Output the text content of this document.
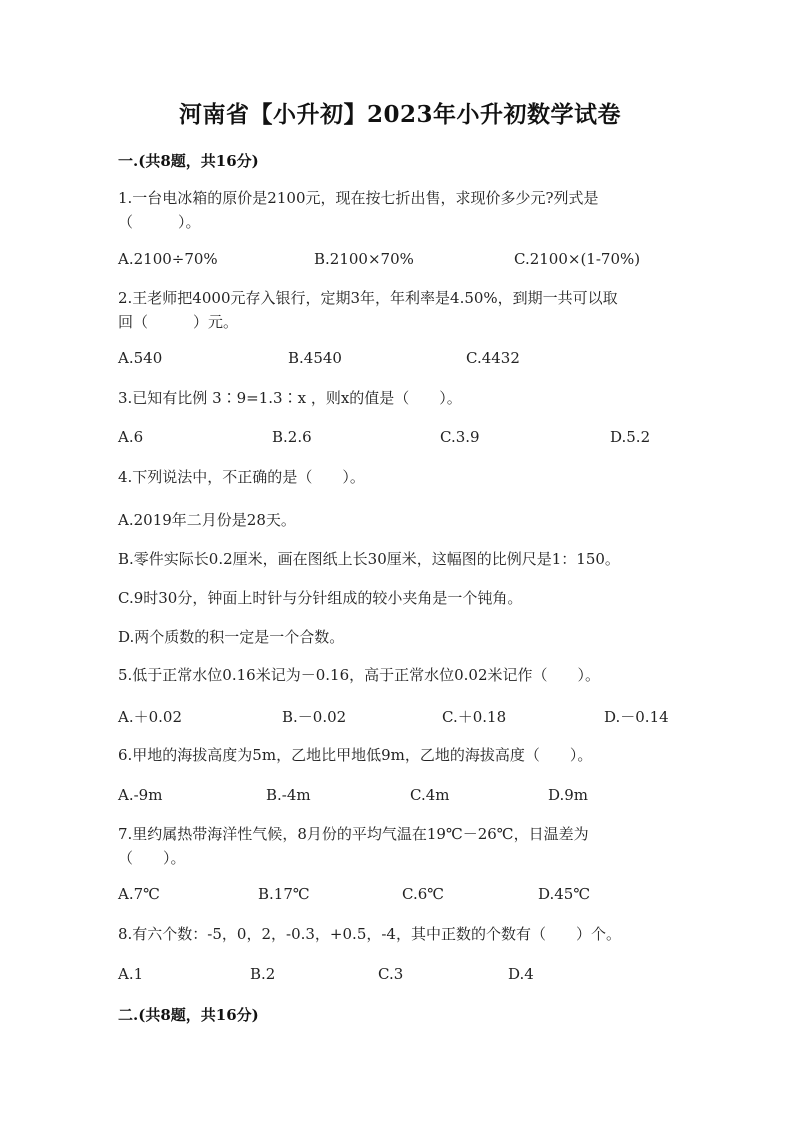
河南省【小升初】2023年小升初数学试卷
一.(共8题，共16分)
1.一台电冰箱的原价是2100元，现在按七折出售，求现价多少元?列式是
（　　　）。
A.2100÷70%	B.2100×70%	C.2100×(1-70%)
2.王老师把4000元存入银行，定期3年，年利率是4.50%，到期一共可以取
回（　　　）元。
A.540	B.4540	C.4432
3.已知有比例 3∶9=1.3∶x ，则x的值是（　　）。
A.6	B.2.6	C.3.9	D.5.2
4.下列说法中，不正确的是（　　）。
A.2019年二月份是28天。
B.零件实际长0.2厘米，画在图纸上长30厘米，这幅图的比例尺是1：150。
C.9时30分，钟面上时针与分针组成的较小夹角是一个钝角。
D.两个质数的积一定是一个合数。
5.低于正常水位0.16米记为－0.16，高于正常水位0.02米记作（　　）。
A.＋0.02	B.－0.02	C.＋0.18	D.－0.14
6.甲地的海拔高度为5m，乙地比甲地低9m，乙地的海拔高度（　　）。
A.-9m	B.-4m	C.4m	D.9m
7.里约属热带海洋性气候，8月份的平均气温在19℃－26℃，日温差为
（　　）。
A.7℃	B.17℃	C.6℃	D.45℃
8.有六个数：-5，0，2，-0.3，+0.5，-4，其中正数的个数有（　　）个。
A.1	B.2	C.3	D.4
二.(共8题，共16分)
